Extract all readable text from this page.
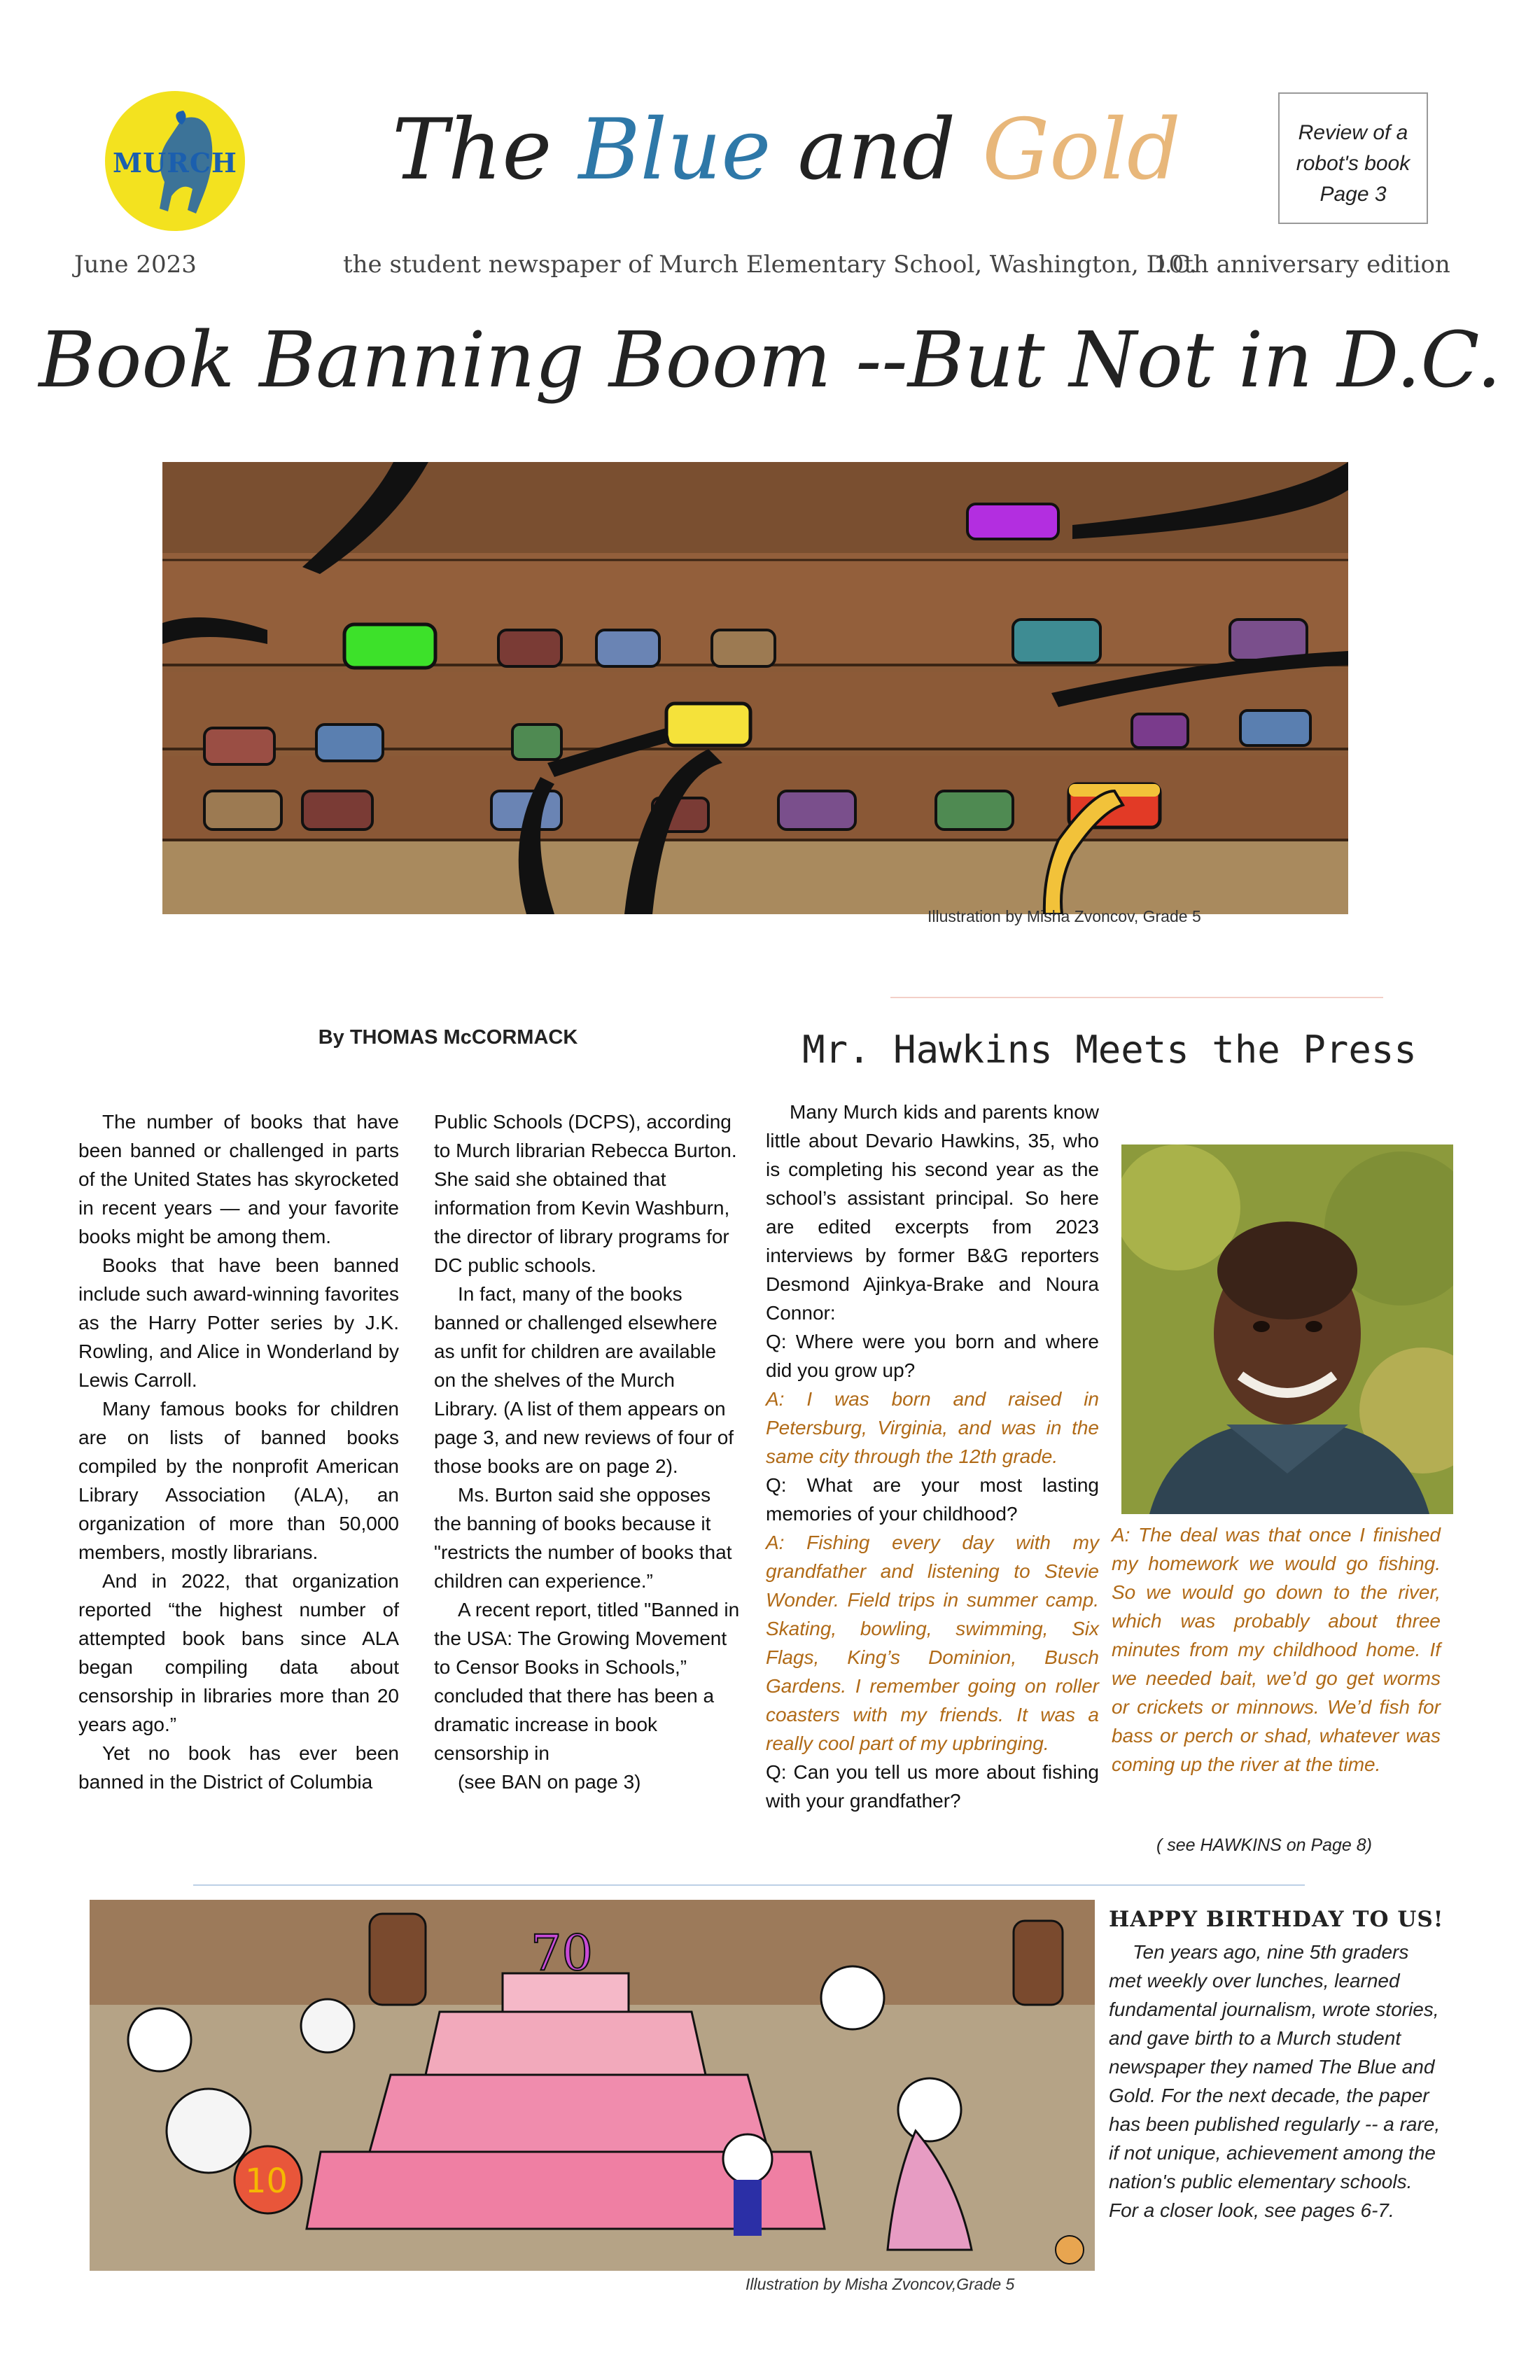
MURCH The Blue and Gold	Review of a
robot's book
Page 3
June 2023	the student newspaper of Murch Elementary School, Washington, D.C.
10th anniversary edition
Book Banning Boom --But Not in D.C.
Illustration by Misha Zvoncov, Grade 5
By THOMAS McCORMACK

The number of books that have been banned or challenged in parts of the United States has skyrocketed in recent years — and your favorite books might be among them.

Books that have been banned include such award-winning favorites as the Harry Potter series by J.K. Rowling, and Alice in Wonderland by Lewis Carroll.

Many famous books for children are on lists of banned books compiled by the nonprofit American Library Association (ALA), an organization of more than 50,000 members, mostly librarians.

And in 2022, that organization reported “the highest number of attempted book bans since ALA began compiling data about censorship in libraries more than 20 years ago.”

Yet no book has ever been banned in the District of Columbia

Public Schools (DCPS), according to Murch librarian Rebecca Burton. She said she obtained that information from Kevin Washburn, the director of library programs for DC public schools.

In fact, many of the books banned or challenged elsewhere as unfit for children are available on the shelves of the Murch Library. (A list of them appears on page 3, and new reviews of four of those books are on page 2).

Ms. Burton said she opposes the banning of books because it "restricts the number of books that children can experience.”

A recent report, titled "Banned in the USA: The Growing Movement to Censor Books in Schools,” concluded that there has been a dramatic increase in book censorship in

(see BAN on page 3)

Mr. Hawkins Meets the Press

Many Murch kids and parents know little about Devario Hawkins, 35, who is completing his second year as the school’s assistant principal. So here are edited excerpts from 2023 interviews by former B&G reporters Desmond Ajinkya-Brake and Noura Connor:

Q: Where were you born and where did you grow up?

A: I was born and raised in Petersburg, Virginia, and was in the same city through the 12th grade.

Q: What are your most lasting memories of your childhood?

A: Fishing every day with my grandfather and listening to Stevie Wonder. Field trips in summer camp. Skating, bowling, swimming, Six Flags, King’s Dominion, Busch Gardens. I remember going on roller coasters with my friends. It was a really cool part of my upbringing.

Q: Can you tell us more about fishing with your grandfather?

A: The deal was that once I finished my homework we would go fishing. So we would go down to the river, which was probably about three minutes from my childhood home. If we needed bait, we’d go get worms or crickets or minnows. We’d fish for bass or perch or shad, whatever was coming up the river at the time.
( see HAWKINS on Page 8)
70
10
Illustration by Misha Zvoncov,Grade 5
HAPPY BIRTHDAY TO US!

Ten years ago, nine 5th graders met weekly over lunches, learned fundamental journalism, wrote stories, and gave birth to a Murch student newspaper they named The Blue and Gold. For the next decade, the paper has been published regularly -- a rare, if not unique, achievement among the nation's public elementary schools. For a closer look, see pages 6-7.
